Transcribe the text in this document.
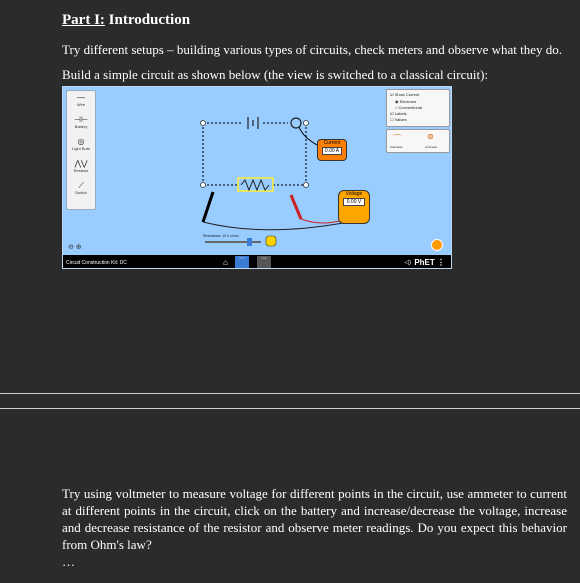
Part I: Introduction

Try different setups – building various types of circuits, check meters and observe what they do.

Build a simple circuit as shown below (the view is switched to a classical circuit):

—
Wire
⊣⊢
Battery
◎
Light Bulb
⋀⋁
Resistor
⟋
Switch
Resistance: 10.0 ohms
Current
0.00 A
Voltage
0.00 V
☑ Show Current
◉ Electrons
○ Conventional
☑ Labels
☐ Values
⌒	⊚
Voltmeter	Ammeter
⊖ ⊕
Circuit Construction Kit: DC	⌂	Intro	Lab
◁) PhET ⋮

Try using voltmeter to measure voltage for different points in the circuit, use ammeter to current at different points in the circuit, click on the battery and increase/decrease the voltage, increase and decrease resistance of the resistor and observe meter readings. Do you expect this behavior from Ohm's law?

…
